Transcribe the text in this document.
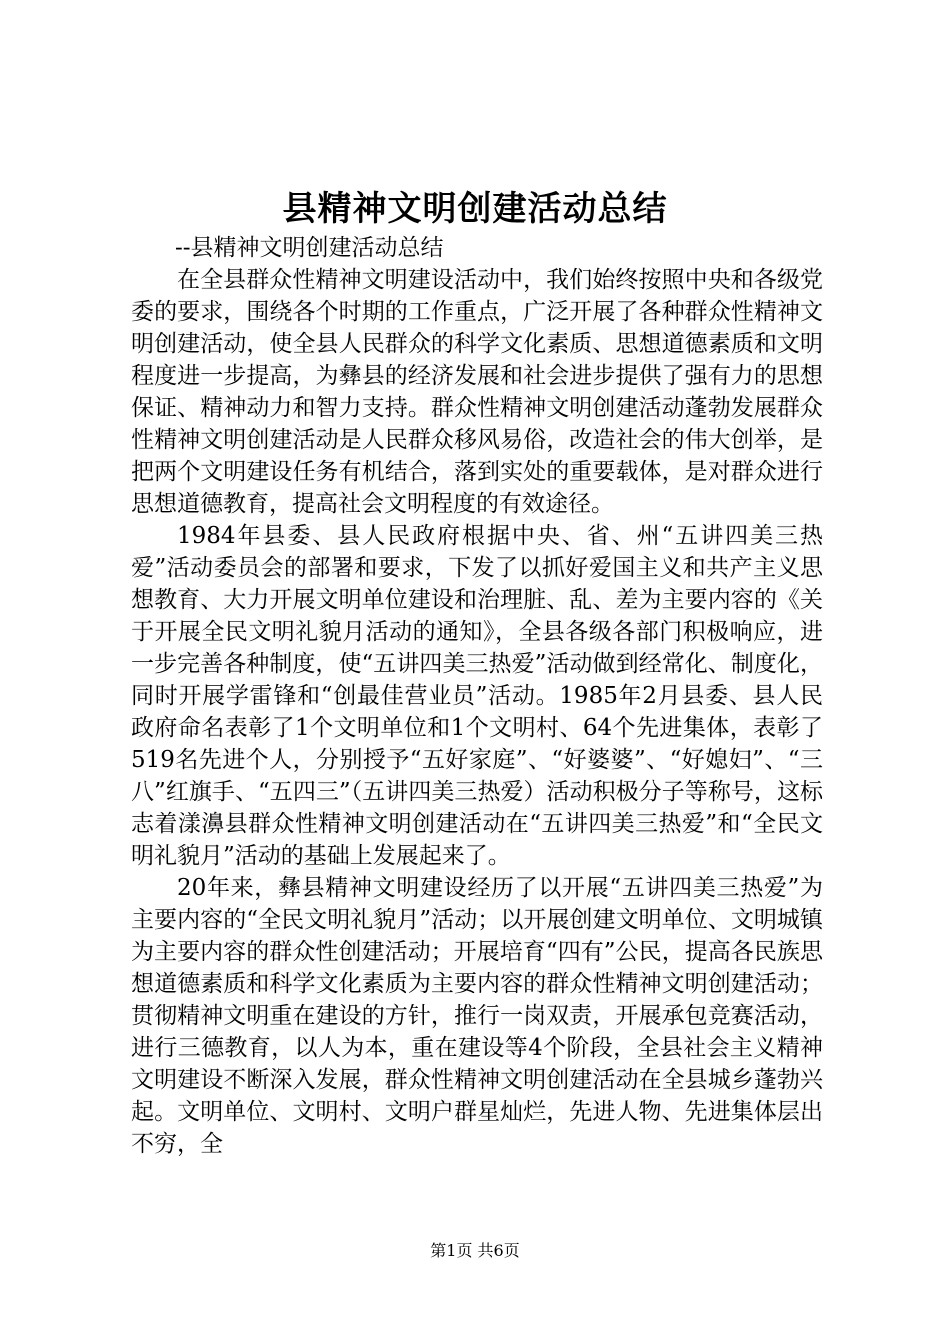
县精神文明创建活动总结
--县精神文明创建活动总结

在全县群众性精神文明建设活动中，我们始终按照中央和各级党委的要求，围绕各个时期的工作重点，广泛开展了各种群众性精神文明创建活动，使全县人民群众的科学文化素质、思想道德素质和文明程度进一步提高，为彝县的经济发展和社会进步提供了强有力的思想保证、精神动力和智力支持。群众性精神文明创建活动蓬勃发展群众性精神文明创建活动是人民群众移风易俗，改造社会的伟大创举，是把两个文明建设任务有机结合，落到实处的重要载体，是对群众进行思想道德教育，提高社会文明程度的有效途径。

1984年县委、县人民政府根据中央、省、州“五讲四美三热爱”活动委员会的部署和要求，下发了以抓好爱国主义和共产主义思想教育、大力开展文明单位建设和治理脏、乱、差为主要内容的《关于开展全民文明礼貌月活动的通知》，全县各级各部门积极响应，进一步完善各种制度，使“五讲四美三热爱”活动做到经常化、制度化，同时开展学雷锋和“创最佳营业员”活动。1985年2月县委、县人民政府命名表彰了1个文明单位和1个文明村、64个先进集体，表彰了519名先进个人，分别授予“五好家庭”、“好婆婆”、“好媳妇”、“三八”红旗手、“五四三”（五讲四美三热爱）活动积极分子等称号，这标志着漾濞县群众性精神文明创建活动在“五讲四美三热爱”和“全民文明礼貌月”活动的基础上发展起来了。

20年来，彝县精神文明建设经历了以开展“五讲四美三热爱”为主要内容的“全民文明礼貌月”活动；以开展创建文明单位、文明城镇为主要内容的群众性创建活动；开展培育“四有”公民，提高各民族思想道德素质和科学文化素质为主要内容的群众性精神文明创建活动；贯彻精神文明重在建设的方针，推行一岗双责，开展承包竞赛活动，进行三德教育，以人为本，重在建设等4个阶段，全县社会主义精神文明建设不断深入发展，群众性精神文明创建活动在全县城乡蓬勃兴起。文明单位、文明村、文明户群星灿烂，先进人物、先进集体层出不穷，全

第1页 共6页
